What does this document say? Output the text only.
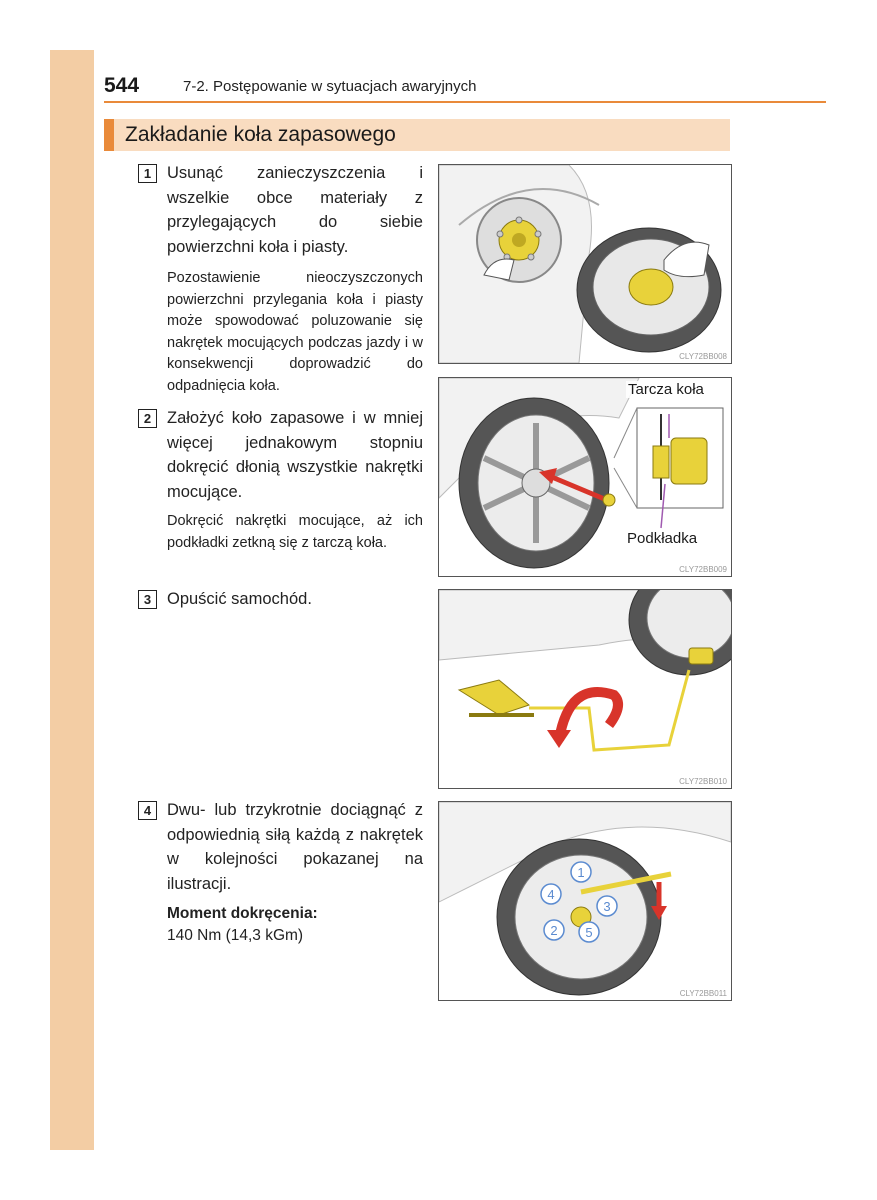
544	7-2. Postępowanie w sytuacjach awaryjnych
Zakładanie koła zapasowego
1 Usunąć zanieczyszczenia i wszelkie obce materiały z przylegających do siebie powierzchni koła i piasty.
Pozostawienie nieoczyszczonych powierzchni przylegania koła i piasty może spowodować poluzowanie się nakrętek mocujących podczas jazdy i w konsekwencji doprowadzić do odpadnięcia koła.
2 Założyć koło zapasowe i w mniej więcej jednakowym stopniu dokręcić dłonią wszystkie nakrętki mocujące.
Dokręcić nakrętki mocujące, aż ich podkładki zetkną się z tarczą koła.
3 Opuścić samochód.
4 Dwu- lub trzykrotnie dociągnąć z odpowiednią siłą każdą z nakrętek w kolejności pokazanej na ilustracji.
Moment dokręcenia:
140 Nm (14,3 kGm)
CLY72BB008
Tarcza koła
Podkładka
CLY72BB009
CLY72BB010
1
2
3
4
5
CLY72BB011
